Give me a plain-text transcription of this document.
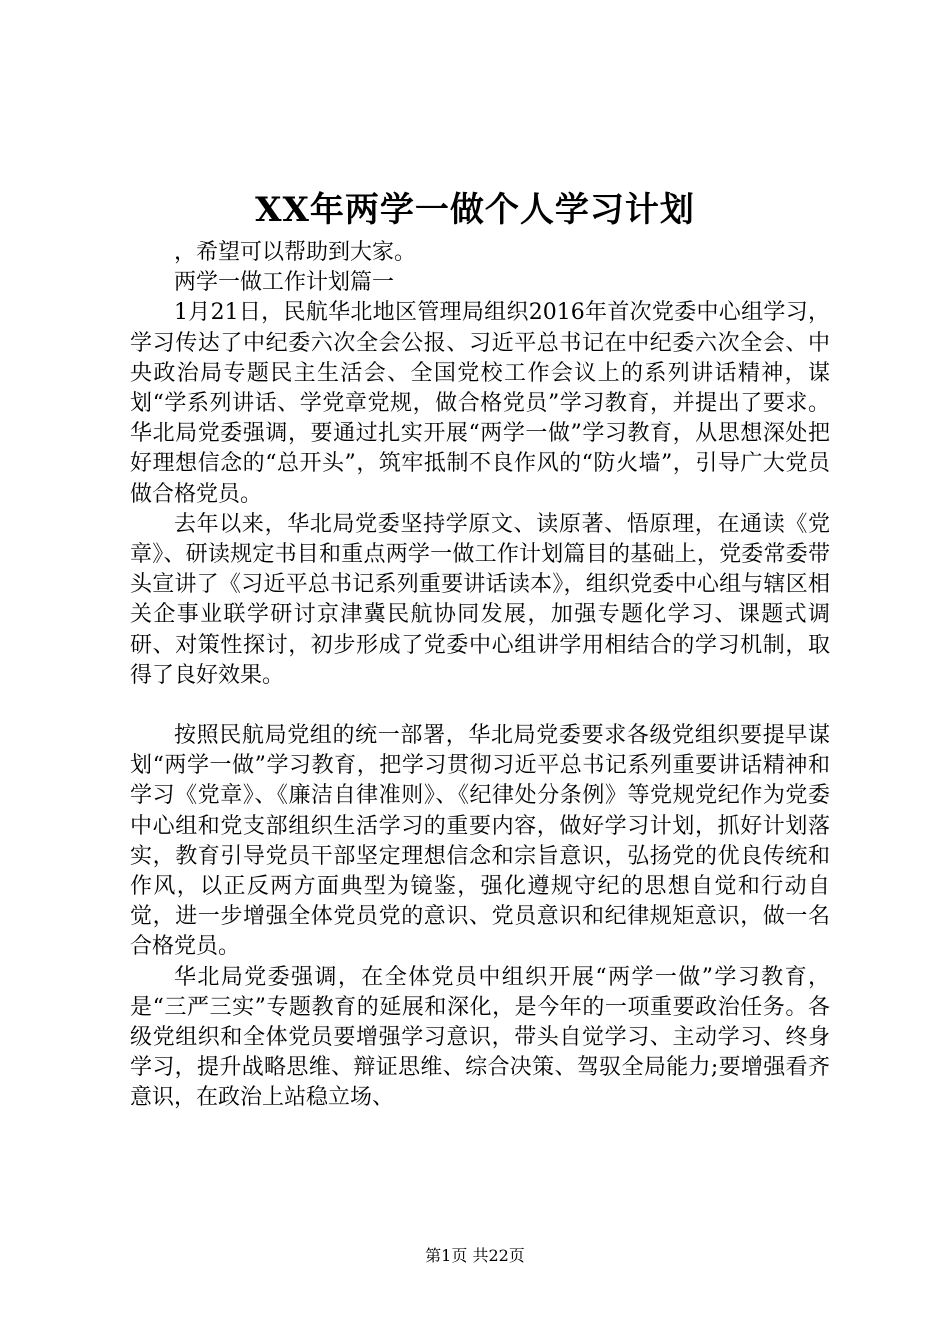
XX年两学一做个人学习计划

，希望可以帮助到大家。

两学一做工作计划篇一

1月21日，民航华北地区管理局组织2016年首次党委中心组学习，学习传达了中纪委六次全会公报、习近平总书记在中纪委六次全会、中央政治局专题民主生活会、全国党校工作会议上的系列讲话精神，谋划“学系列讲话、学党章党规，做合格党员”学习教育，并提出了要求。华北局党委强调，要通过扎实开展“两学一做”学习教育，从思想深处把好理想信念的“总开头”，筑牢抵制不良作风的“防火墙”，引导广大党员做合格党员。

去年以来，华北局党委坚持学原文、读原著、悟原理，在通读《党章》、研读规定书目和重点两学一做工作计划篇目的基础上，党委常委带头宣讲了《习近平总书记系列重要讲话读本》，组织党委中心组与辖区相关企事业联学研讨京津冀民航协同发展，加强专题化学习、课题式调研、对策性探讨，初步形成了党委中心组讲学用相结合的学习机制，取得了良好效果。

按照民航局党组的统一部署，华北局党委要求各级党组织要提早谋划“两学一做”学习教育，把学习贯彻习近平总书记系列重要讲话精神和学习《党章》、《廉洁自律准则》、《纪律处分条例》等党规党纪作为党委中心组和党支部组织生活学习的重要内容，做好学习计划，抓好计划落实，教育引导党员干部坚定理想信念和宗旨意识，弘扬党的优良传统和作风，以正反两方面典型为镜鉴，强化遵规守纪的思想自觉和行动自觉，进一步增强全体党员党的意识、党员意识和纪律规矩意识，做一名合格党员。

华北局党委强调，在全体党员中组织开展“两学一做”学习教育，是“三严三实”专题教育的延展和深化，是今年的一项重要政治任务。各级党组织和全体党员要增强学习意识，带头自觉学习、主动学习、终身学习，提升战略思维、辩证思维、综合决策、驾驭全局能力;要增强看齐意识，在政治上站稳立场、

第1页 共22页
